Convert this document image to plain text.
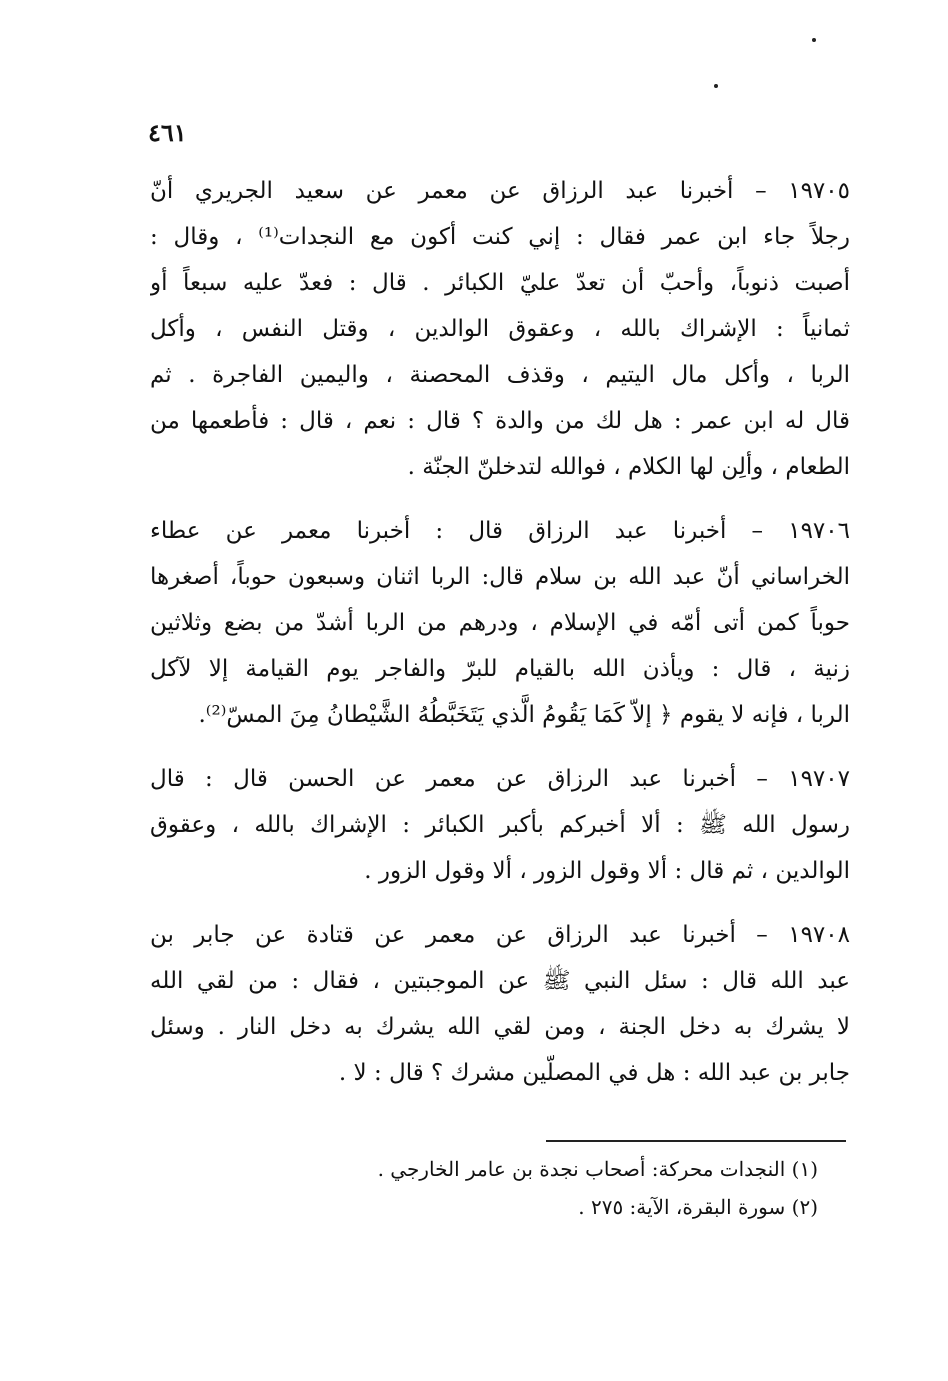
٤٦١
١٩٧٠٥ – أخبرنا عبد الرزاق عن معمر عن سعيد الجريري أنّ
رجلاً جاء ابن عمر فقال : إني كنت أكون مع النجدات⁽¹⁾ ، وقال :
أصبت ذنوباً، وأحبّ أن تعدّ عليّ الكبائر . قال : فعدّ عليه سبعاً أو
ثمانياً : الإشراك بالله ، وعقوق الوالدين ، وقتل النفس ، وأكل
الربا ، وأكل مال اليتيم ، وقذف المحصنة ، واليمين الفاجرة . ثم
قال له ابن عمر : هل لك من والدة ؟ قال : نعم ، قال : فأطعمها من
الطعام ، وألِن لها الكلام ، فوالله لتدخلنّ الجنّة .
١٩٧٠٦ – أخبرنا عبد الرزاق قال : أخبرنا معمر عن عطاء
الخراساني أنّ عبد الله بن سلام قال: الربا اثنان وسبعون حوباً، أصغرها
حوباً كمن أتى أمّه في الإسلام ، ودرهم من الربا أشدّ من بضع وثلاثين
زنية ، قال : ويأذن الله بالقيام للبرّ والفاجر يوم القيامة إلا لآكل
الربا ، فإنه لا يقوم ﴿ إلاّ كَمَا يَقُومُ الَّذي يَتَخَبَّطُهُ الشَّيْطانُ مِنَ المسّ⁽²⁾.
١٩٧٠٧ – أخبرنا عبد الرزاق عن معمر عن الحسن قال : قال
رسول الله ﷺ : ألا أخبركم بأكبر الكبائر : الإشراك بالله ، وعقوق
الوالدين ، ثم قال : ألا وقول الزور ، ألا وقول الزور .
١٩٧٠٨ – أخبرنا عبد الرزاق عن معمر عن قتادة عن جابر بن
عبد الله قال : سئل النبي ﷺ عن الموجبتين ، فقال : من لقي الله
لا يشرك به دخل الجنة ، ومن لقي الله يشرك به دخل النار . وسئل
جابر بن عبد الله : هل في المصلّين مشرك ؟ قال : لا .
(١) النجدات محركة: أصحاب نجدة بن عامر الخارجي .
(٢) سورة البقرة، الآية: ٢٧٥ .
